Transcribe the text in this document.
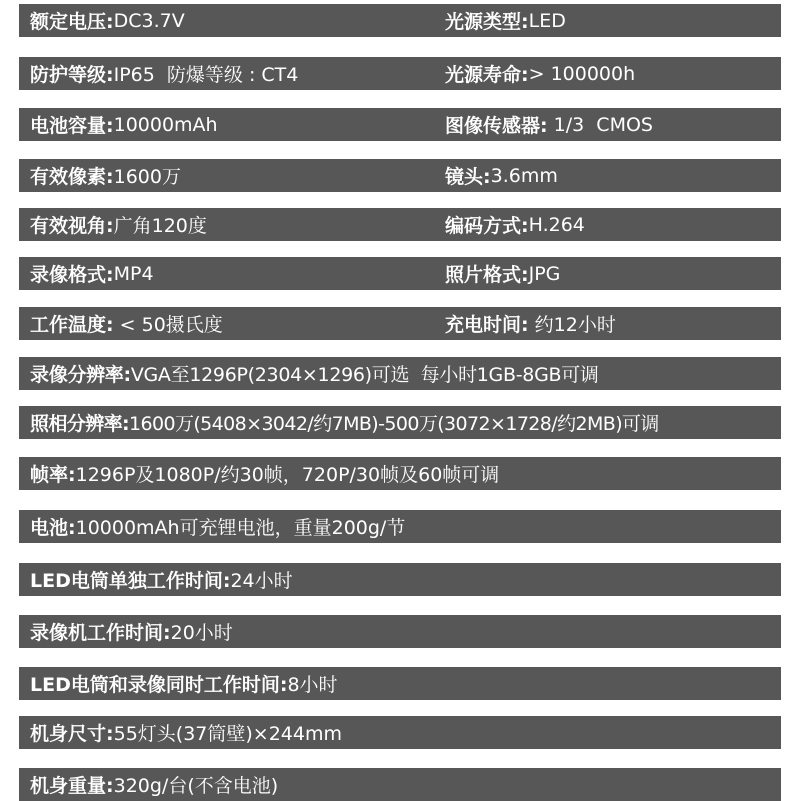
额定电压: DC3.7V	光源类型: LED
防护等级: IP65  防爆等级 : CT4	光源寿命: > 100000h
电池容量: 10000mAh	图像传感器: 1/3  CMOS
有效像素: 1600万	镜头: 3.6mm
有效视角: 广角120度	编码方式: H.264
录像格式: MP4	照片格式: JPG
工作温度: < 50摄氏度	充电时间: 约12小时
录像分辨率: VGA至1296P(2304×1296)可选  每小时1GB-8GB可调
照相分辨率: 1600万(5408×3042/约7MB)-500万(3072×1728/约2MB)可调
帧率: 1296P及1080P/约30帧，720P/30帧及60帧可调
电池: 10000mAh可充锂电池，重量200g/节
LED电筒单独工作时间: 24小时
录像机工作时间: 20小时
LED电筒和录像同时工作时间: 8小时
机身尺寸: 55灯头(37筒壁)×244mm
机身重量: 320g/台(不含电池)
